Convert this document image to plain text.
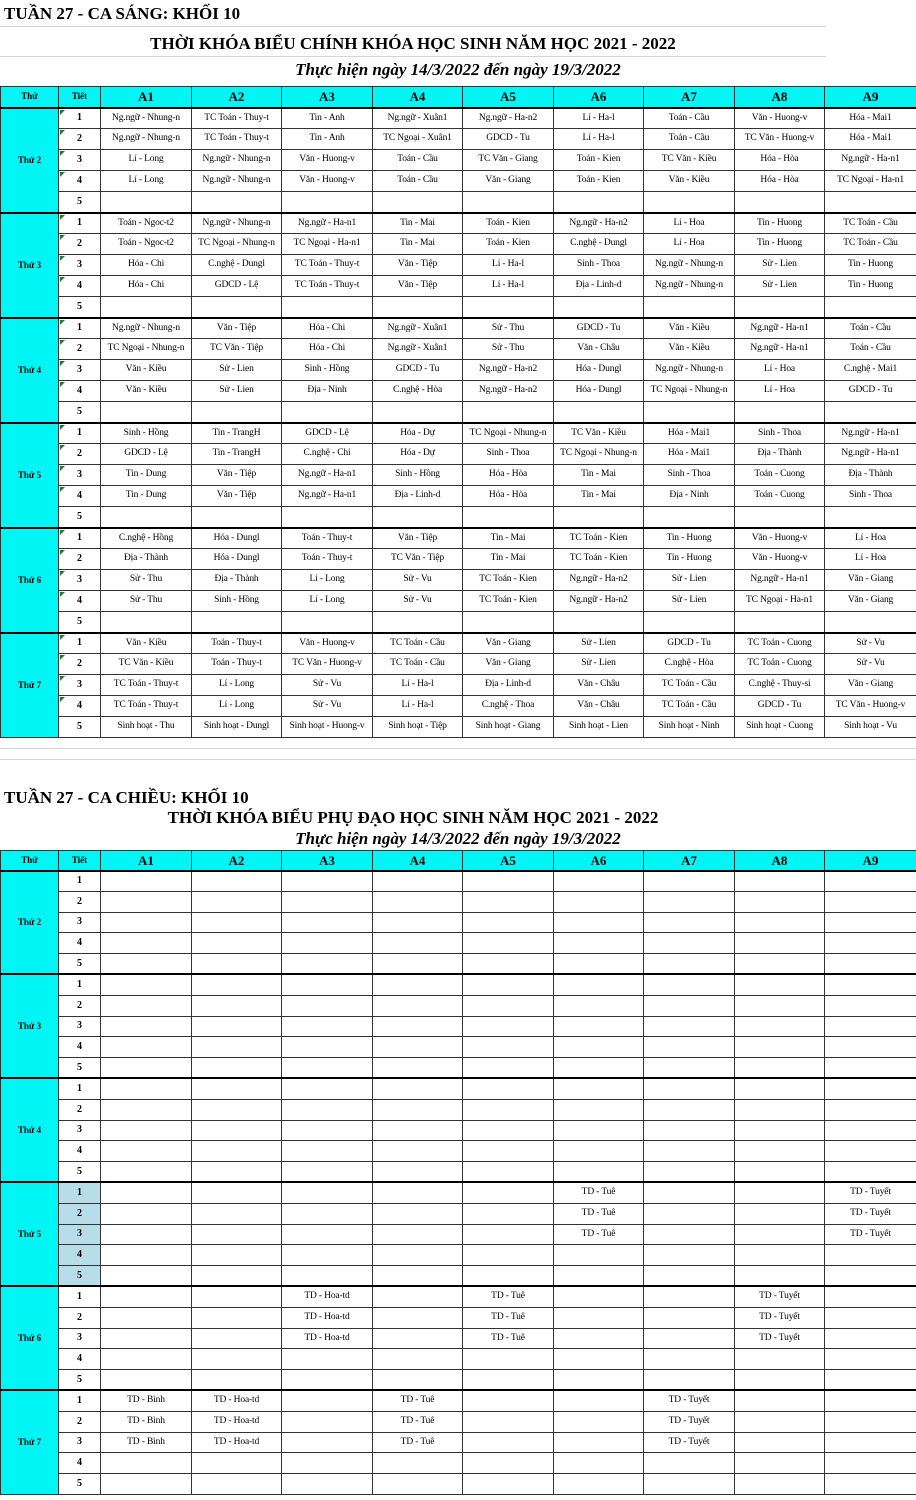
TUẦN 27 - CA SÁNG: KHỐI 10
THỜI KHÓA BIỂU CHÍNH KHÓA HỌC SINH NĂM HỌC 2021 - 2022
Thực hiện ngày 14/3/2022 đến ngày 19/3/2022
Thứ	Tiết	A1	A2	A3	A4	A5	A6	A7	A8	A9
Thứ 2	1	Ng.ngữ - Nhung-n	TC Toán - Thuy-t	Tin - Anh	Ng.ngữ - Xuân1	Ng.ngữ - Ha-n2	Lí - Ha-l	Toán - Cầu	Văn - Huong-v	Hóa - Mai1
	2	Ng.ngữ - Nhung-n	TC Toán - Thuy-t	Tin - Anh	TC Ngoại - Xuân1	GDCD - Tu	Lí - Ha-l	Toán - Cầu	TC Văn - Huong-v	Hóa - Mai1
	3	Lí - Long	Ng.ngữ - Nhung-n	Văn - Huong-v	Toán - Cầu	TC Văn - Giang	Toán - Kien	TC Văn - Kiều	Hóa - Hòa	Ng.ngữ - Ha-n1
	4	Lí - Long	Ng.ngữ - Nhung-n	Văn - Huong-v	Toán - Cầu	Văn - Giang	Toán - Kien	Văn - Kiều	Hóa - Hòa	TC Ngoại - Ha-n1
	5									
Thứ 3	1	Toán - Ngoc-t2	Ng.ngữ - Nhung-n	Ng.ngữ - Ha-n1	Tin - Mai	Toán - Kien	Ng.ngữ - Ha-n2	Lí - Hoa	Tin - Huong	TC Toán - Cầu
	2	Toán - Ngoc-t2	TC Ngoại - Nhung-n	TC Ngoại - Ha-n1	Tin - Mai	Toán - Kien	C.nghệ - Dungl	Lí - Hoa	Tin - Huong	TC Toán - Cầu
	3	Hóa - Chi	C.nghệ - Dungl	TC Toán - Thuy-t	Văn - Tiệp	Lí - Ha-l	Sinh - Thoa	Ng.ngữ - Nhung-n	Sử - Lien	Tin - Huong
	4	Hóa - Chi	GDCD - Lệ	TC Toán - Thuy-t	Văn - Tiệp	Lí - Ha-l	Địa - Linh-d	Ng.ngữ - Nhung-n	Sử - Lien	Tin - Huong
	5									
Thứ 4	1	Ng.ngữ - Nhung-n	Văn - Tiệp	Hóa - Chi	Ng.ngữ - Xuân1	Sử - Thu	GDCD - Tu	Văn - Kiều	Ng.ngữ - Ha-n1	Toán - Cầu
	2	TC Ngoại - Nhung-n	TC Văn - Tiệp	Hóa - Chi	Ng.ngữ - Xuân1	Sử - Thu	Văn - Châu	Văn - Kiều	Ng.ngữ - Ha-n1	Toán - Cầu
	3	Văn - Kiều	Sử - Lien	Sinh - Hồng	GDCD - Tu	Ng.ngữ - Ha-n2	Hóa - Dungl	Ng.ngữ - Nhung-n	Lí - Hoa	C.nghệ - Mai1
	4	Văn - Kiều	Sử - Lien	Địa - Ninh	C.nghệ - Hòa	Ng.ngữ - Ha-n2	Hóa - Dungl	TC Ngoại - Nhung-n	Lí - Hoa	GDCD - Tu
	5									
Thứ 5	1	Sinh - Hồng	Tin - TrangH	GDCD - Lệ	Hóa - Dự	TC Ngoại - Nhung-n	TC Văn - Kiều	Hóa - Mai1	Sinh - Thoa	Ng.ngữ - Ha-n1
	2	GDCD - Lệ	Tin - TrangH	C.nghệ - Chi	Hóa - Dự	Sinh - Thoa	TC Ngoại - Nhung-n	Hóa - Mai1	Địa - Thành	Ng.ngữ - Ha-n1
	3	Tin - Dung	Văn - Tiệp	Ng.ngữ - Ha-n1	Sinh - Hồng	Hóa - Hòa	Tin - Mai	Sinh - Thoa	Toán - Cuong	Địa - Thành
	4	Tin - Dung	Văn - Tiệp	Ng.ngữ - Ha-n1	Địa - Linh-d	Hóa - Hòa	Tin - Mai	Địa - Ninh	Toán - Cuong	Sinh - Thoa
	5									
Thứ 6	1	C.nghệ - Hồng	Hóa - Dungl	Toán - Thuy-t	Văn - Tiệp	Tin - Mai	TC Toán - Kien	Tin - Huong	Văn - Huong-v	Lí - Hoa
	2	Địa - Thành	Hóa - Dungl	Toán - Thuy-t	TC Văn - Tiệp	Tin - Mai	TC Toán - Kien	Tin - Huong	Văn - Huong-v	Lí - Hoa
	3	Sử - Thu	Địa - Thành	Lí - Long	Sử - Vu	TC Toán - Kien	Ng.ngữ - Ha-n2	Sử - Lien	Ng.ngữ - Ha-n1	Văn - Giang
	4	Sử - Thu	Sinh - Hồng	Lí - Long	Sử - Vu	TC Toán - Kien	Ng.ngữ - Ha-n2	Sử - Lien	TC Ngoại - Ha-n1	Văn - Giang
	5									
Thứ 7	1	Văn - Kiều	Toán - Thuy-t	Văn - Huong-v	TC Toán - Cầu	Văn - Giang	Sử - Lien	GDCD - Tu	TC Toán - Cuong	Sử - Vu
	2	TC Văn - Kiều	Toán - Thuy-t	TC Văn - Huong-v	TC Toán - Cầu	Văn - Giang	Sử - Lien	C.nghệ - Hòa	TC Toán - Cuong	Sử - Vu
	3	TC Toán - Thuy-t	Lí - Long	Sử - Vu	Lí - Ha-l	Địa - Linh-d	Văn - Châu	TC Toán - Cầu	C.nghệ - Thuy-si	Văn - Giang
	4	TC Toán - Thuy-t	Lí - Long	Sử - Vu	Lí - Ha-l	C.nghệ - Thoa	Văn - Châu	TC Toán - Cầu	GDCD - Tu	TC Văn - Huong-v
	5	Sinh hoạt - Thu	Sinh hoạt - Dungl	Sinh hoạt - Huong-v	Sinh hoạt - Tiệp	Sinh hoạt - Giang	Sinh hoạt - Lien	Sinh hoạt - Ninh	Sinh hoạt - Cuong	Sinh hoạt - Vu
TUẦN 27 - CA CHIỀU: KHỐI 10
THỜI KHÓA BIỂU PHỤ ĐẠO HỌC SINH NĂM HỌC 2021 - 2022
Thực hiện ngày 14/3/2022 đến ngày 19/3/2022
Thứ	Tiết	A1	A2	A3	A4	A5	A6	A7	A8	A9
Thứ 2	1									
	2									
	3									
	4									
	5									
Thứ 3	1									
	2									
	3									
	4									
	5									
Thứ 4	1									
	2									
	3									
	4									
	5									
Thứ 5	1						TD - Tuê			TD - Tuyết
	2						TD - Tuê			TD - Tuyết
	3						TD - Tuê			TD - Tuyết
	4									
	5									
Thứ 6	1			TD - Hoa-td		TD - Tuê			TD - Tuyết	
	2			TD - Hoa-td		TD - Tuê			TD - Tuyết	
	3			TD - Hoa-td		TD - Tuê			TD - Tuyết	
	4									
	5									
Thứ 7	1	TD - Bình	TD - Hoa-td		TD - Tuê			TD - Tuyết		
	2	TD - Bình	TD - Hoa-td		TD - Tuê			TD - Tuyết		
	3	TD - Bình	TD - Hoa-td		TD - Tuê			TD - Tuyết		
	4									
	5									
